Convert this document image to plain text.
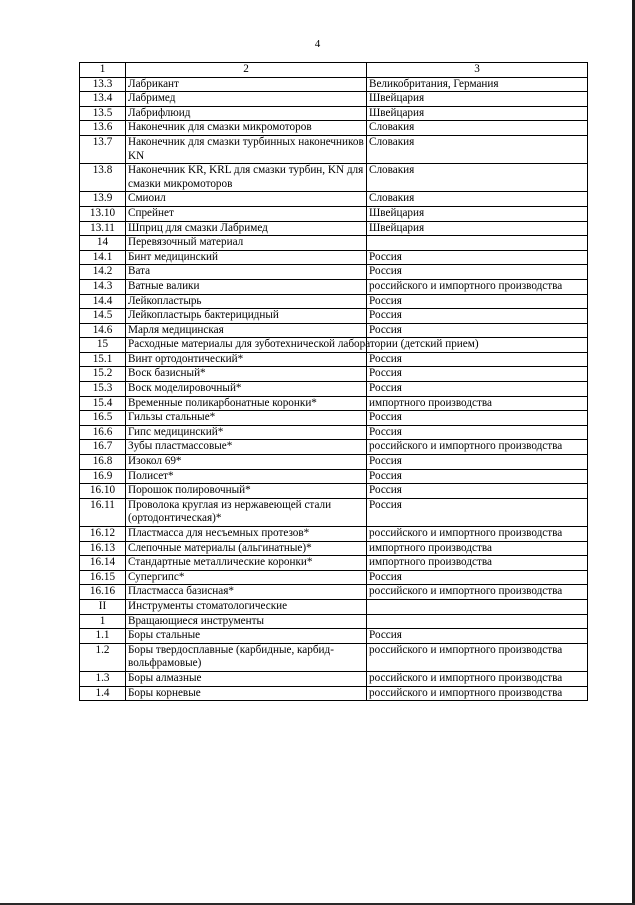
4
1	2	3
13.3	Лабрикант	Великобритания, Германия
13.4	Лабримед	Швейцария
13.5	Лабрифлюид	Швейцария
13.6	Наконечник для смазки микромоторов	Словакия
13.7	Наконечник для смазки турбинных наконечников KN	Словакия
13.8	Наконечник KR, KRL для смазки турбин, KN для смазки микромоторов	Словакия
13.9	Смиоил	Словакия
13.10	Спрейнет	Швейцария
13.11	Шприц для смазки Лабримед	Швейцария
14	Перевязочный материал	
14.1	Бинт медицинский	Россия
14.2	Вата	Россия
14.3	Ватные валики	российского и импортного производства
14.4	Лейкопластырь	Россия
14.5	Лейкопластырь бактерицидный	Россия
14.6	Марля медицинская	Россия
15	Расходные материалы для зуботехнической лаборатории (детский прием)	
15.1	Винт ортодонтический*	Россия
15.2	Воск базисный*	Россия
15.3	Воск моделировочный*	Россия
15.4	Временные поликарбонатные коронки*	импортного производства
16.5	Гильзы стальные*	Россия
16.6	Гипс медицинский*	Россия
16.7	Зубы пластмассовые*	российского и импортного производства
16.8	Изокол 69*	Россия
16.9	Полисет*	Россия
16.10	Порошок полировочный*	Россия
16.11	Проволока круглая из нержавеющей стали (ортодонтическая)*	Россия
16.12	Пластмасса для несъемных протезов*	российского и импортного производства
16.13	Слепочные материалы (альгинатные)*	импортного производства
16.14	Стандартные металлические коронки*	импортного производства
16.15	Супергипс*	Россия
16.16	Пластмасса базисная*	российского и импортного производства
II	Инструменты стоматологические	
1	Вращающиеся инструменты	
1.1	Боры стальные	Россия
1.2	Боры твердосплавные (карбидные, карбид-вольфрамовые)	российского и импортного производства
1.3	Боры алмазные	российского и импортного производства
1.4	Боры корневые	российского и импортного производства
